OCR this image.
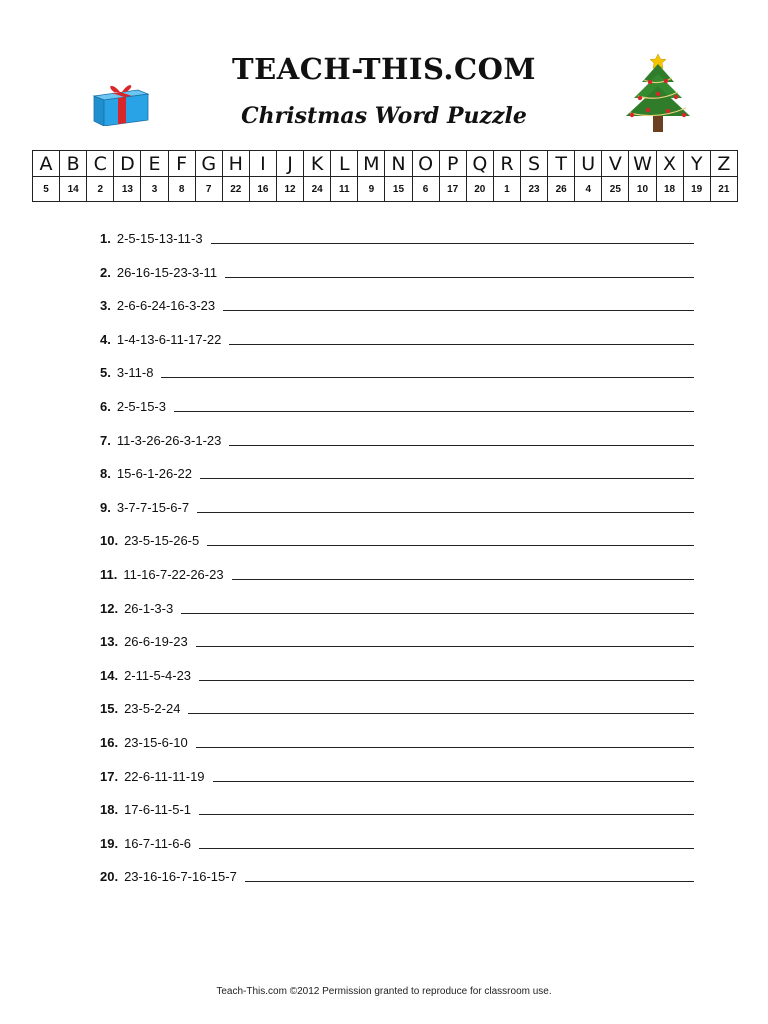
TEACH-THIS.COM
Christmas Word Puzzle
A	B	C	D	E	F	G	H	I	J	K	L	M	N	O	P	Q	R	S	T	U	V	W	X	Y	Z
5	14	2	13	3	8	7	22	16	12	24	11	9	15	6	17	20	1	23	26	4	25	10	18	19	21
1. 2-5-15-13-11-3
2. 26-16-15-23-3-11
3. 2-6-6-24-16-3-23
4. 1-4-13-6-11-17-22
5. 3-11-8
6. 2-5-15-3
7. 11-3-26-26-3-1-23
8. 15-6-1-26-22
9. 3-7-7-15-6-7
10. 23-5-15-26-5
11. 11-16-7-22-26-23
12. 26-1-3-3
13. 26-6-19-23
14. 2-11-5-4-23
15. 23-5-2-24
16. 23-15-6-10
17. 22-6-11-11-19
18. 17-6-11-5-1
19. 16-7-11-6-6
20. 23-16-16-7-16-15-7
Teach-This.com ©2012 Permission granted to reproduce for classroom use.
